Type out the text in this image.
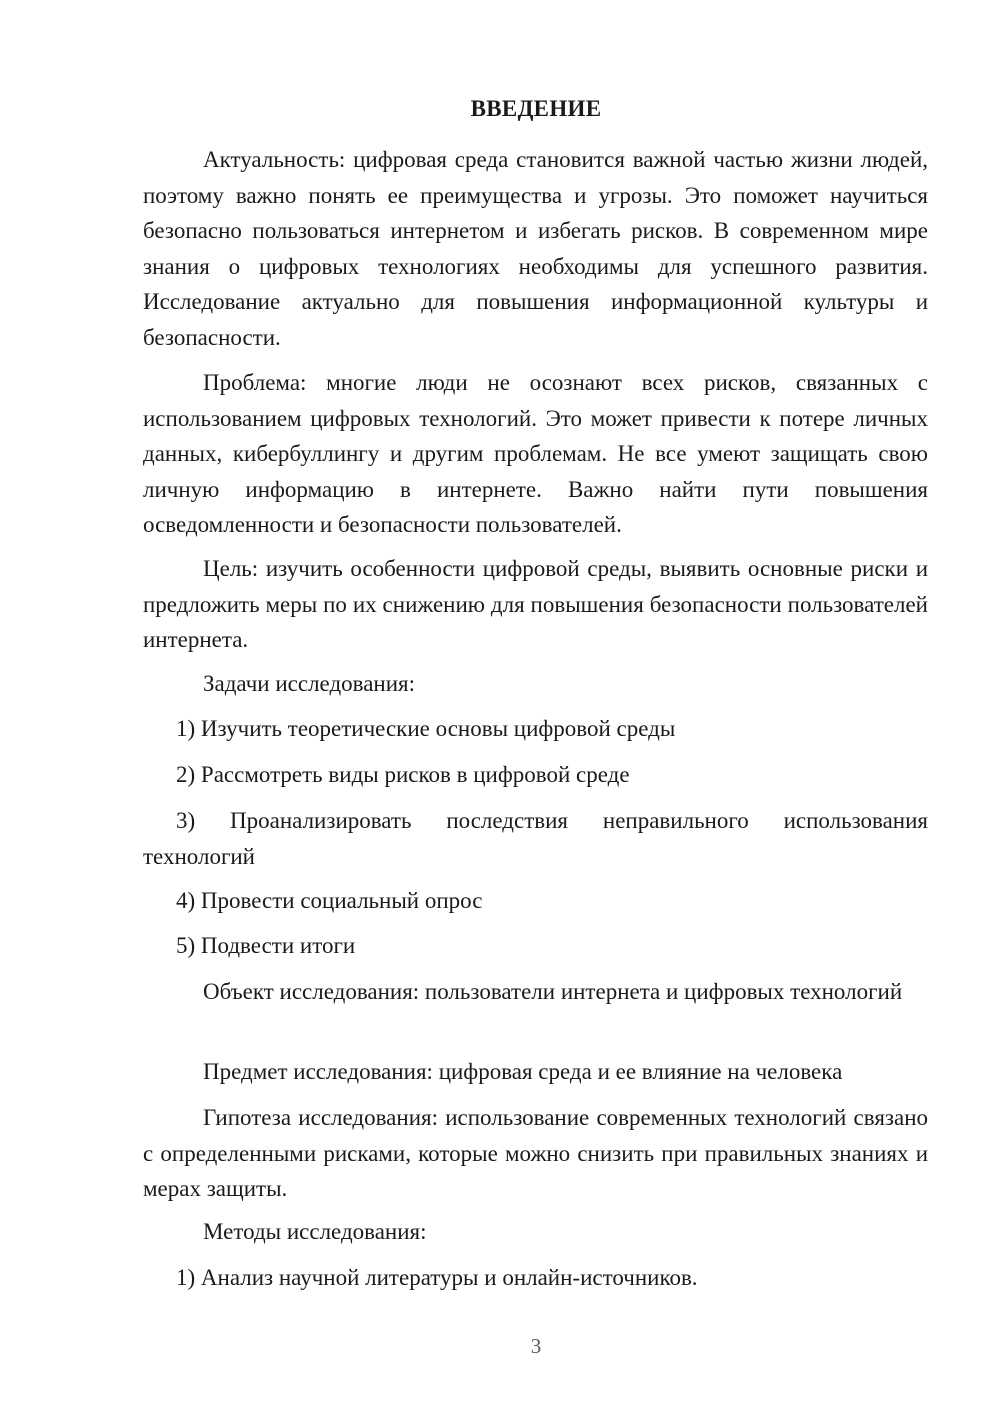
ВВЕДЕНИЕ
Актуальность: цифровая среда становится важной частью жизни людей, поэтому важно понять ее преимущества и угрозы. Это поможет научиться безопасно пользоваться интернетом и избегать рисков. В современном мире знания о цифровых технологиях необходимы для успешного развития. Исследование актуально для повышения информационной культуры и безопасности.
Проблема: многие люди не осознают всех рисков, связанных с использованием цифровых технологий. Это может привести к потере личных данных, кибербуллингу и другим проблемам. Не все умеют защищать свою личную информацию в интернете. Важно найти пути повышения осведомленности и безопасности пользователей.
Цель: изучить особенности цифровой среды, выявить основные риски и предложить меры по их снижению для повышения безопасности пользователей интернета.
Задачи исследования:
1) Изучить теоретические основы цифровой среды
2) Рассмотреть виды рисков в цифровой среде
3) Проанализировать последствия неправильного использования технологий
4) Провести социальный опрос
5) Подвести итоги
Объект исследования: пользователи интернета и цифровых технологий
Предмет исследования: цифровая среда и ее влияние на человека
Гипотеза исследования: использование современных технологий связано с определенными рисками, которые можно снизить при правильных знаниях и мерах защиты.
Методы исследования:
1) Анализ научной литературы и онлайн-источников.
3
